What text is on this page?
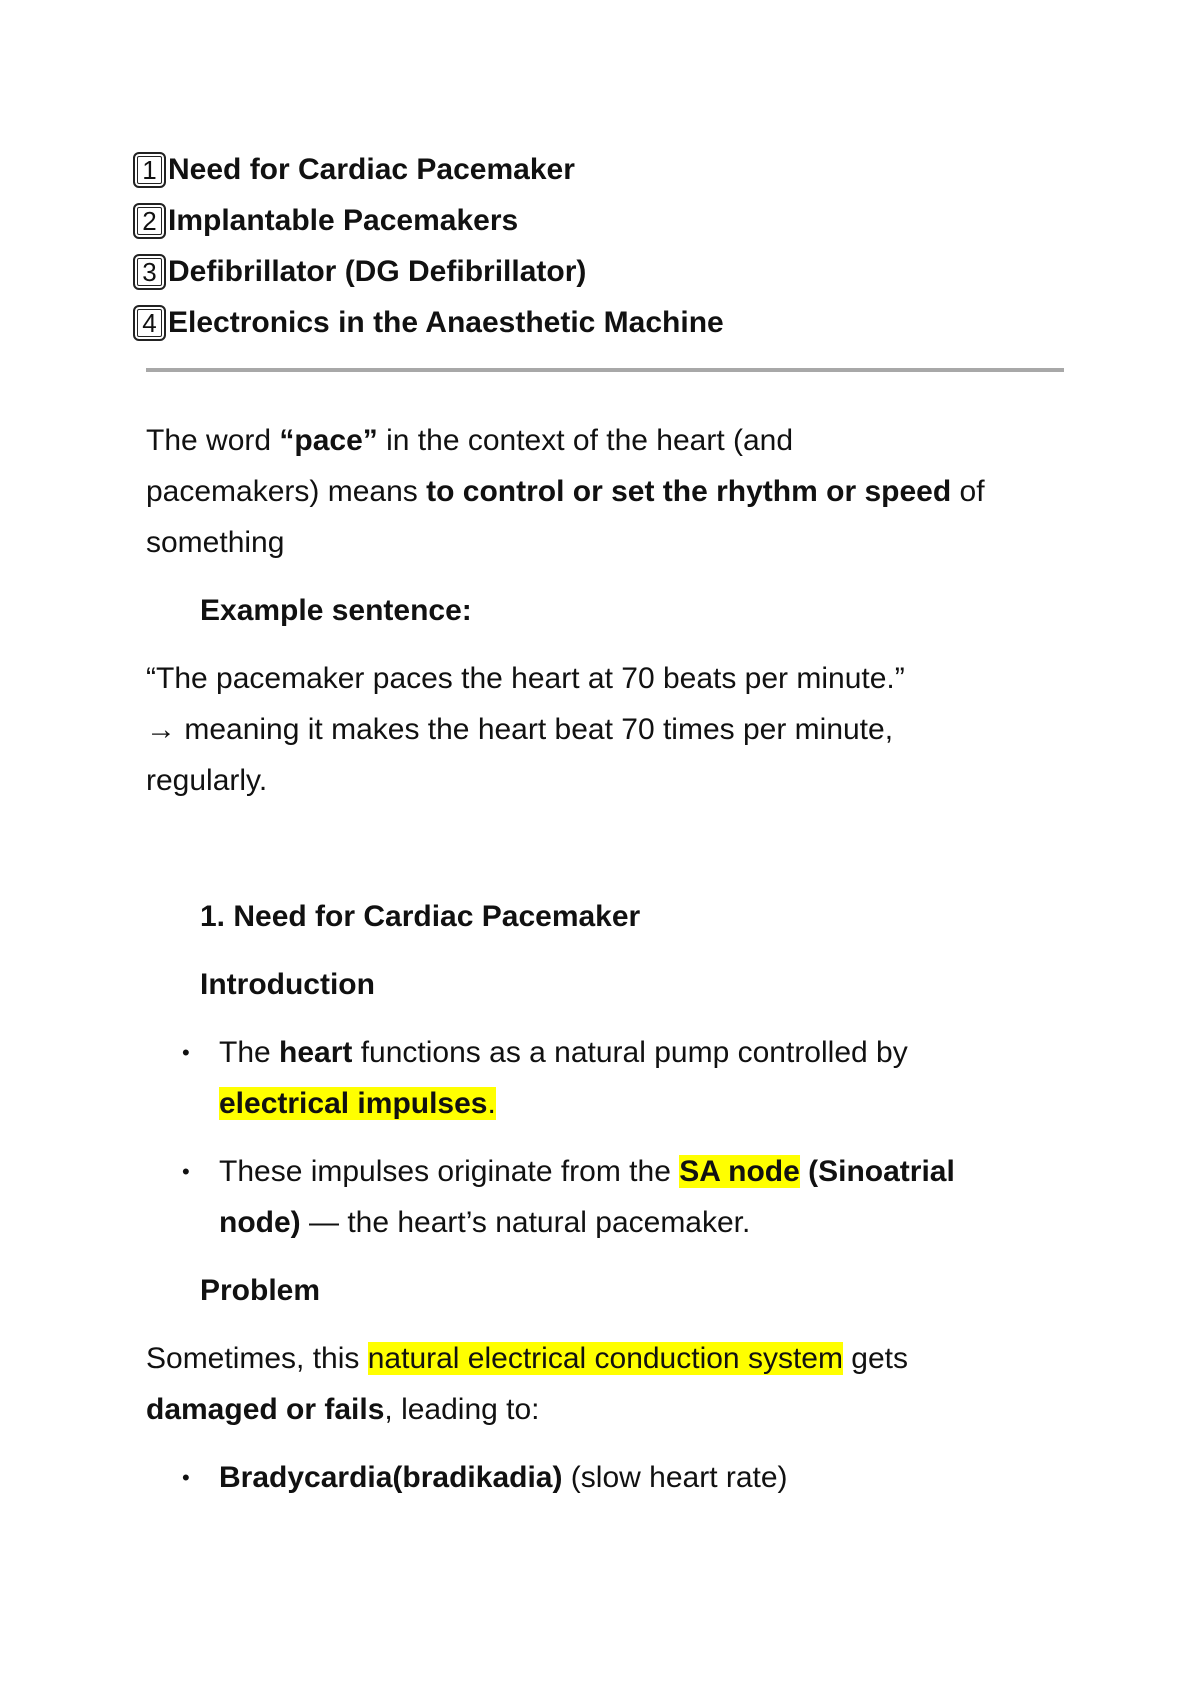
1 Need for Cardiac Pacemaker
2 Implantable Pacemakers
3 Defibrillator (DG Defibrillator)
4 Electronics in the Anaesthetic Machine
The word “pace” in the context of the heart (and
pacemakers) means to control or set the rhythm or speed of
something
Example sentence:
“The pacemaker paces the heart at 70 beats per minute.”
→ meaning it makes the heart beat 70 times per minute,
regularly.
1. Need for Cardiac Pacemaker
Introduction
• The heart functions as a natural pump controlled by
electrical impulses.
• These impulses originate from the SA node (Sinoatrial
node) — the heart’s natural pacemaker.
Problem
Sometimes, this natural electrical conduction system gets
damaged or fails, leading to:
• Bradycardia(bradikadia) (slow heart rate)
